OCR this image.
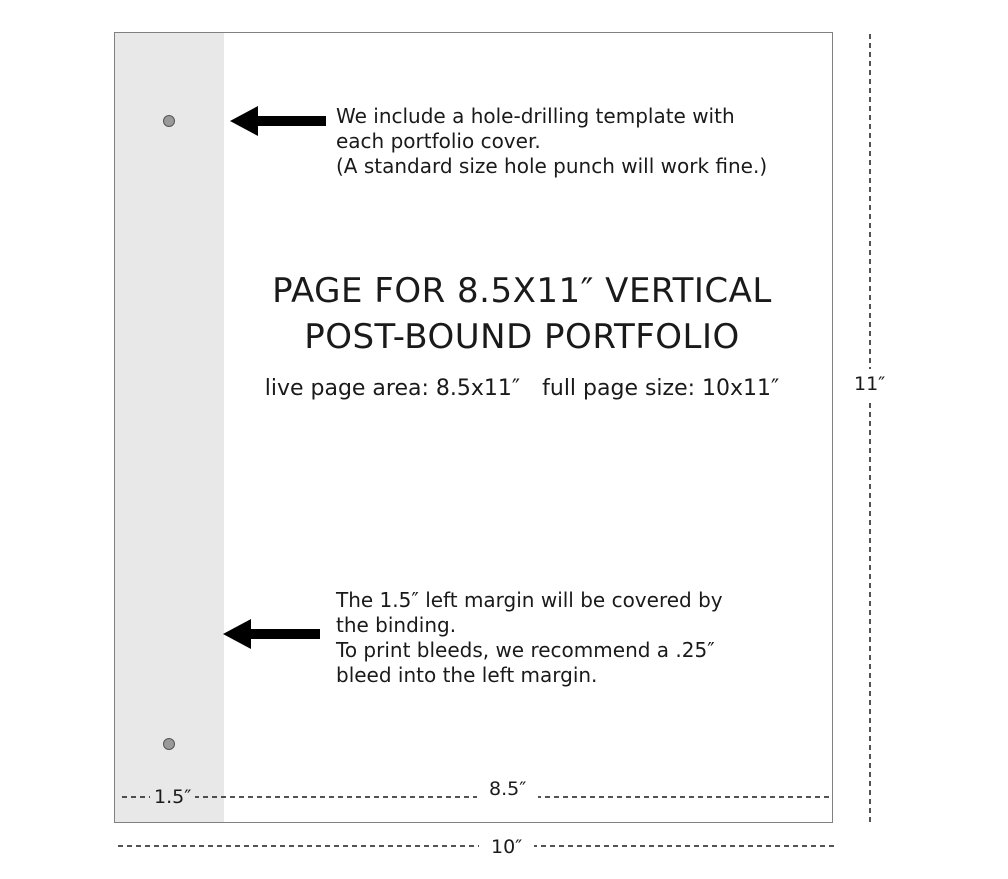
We include a hole-drilling template with
each portfolio cover.
(A standard size hole punch will work fine.)
PAGE FOR 8.5X11″ VERTICAL
POST-BOUND PORTFOLIO
live page area: 8.5x11″ full page size: 10x11″
The 1.5″ left margin will be covered by
the binding.
To print bleeds, we recommend a .25″
bleed into the left margin.
1.5″	8.5″
10″
11″
